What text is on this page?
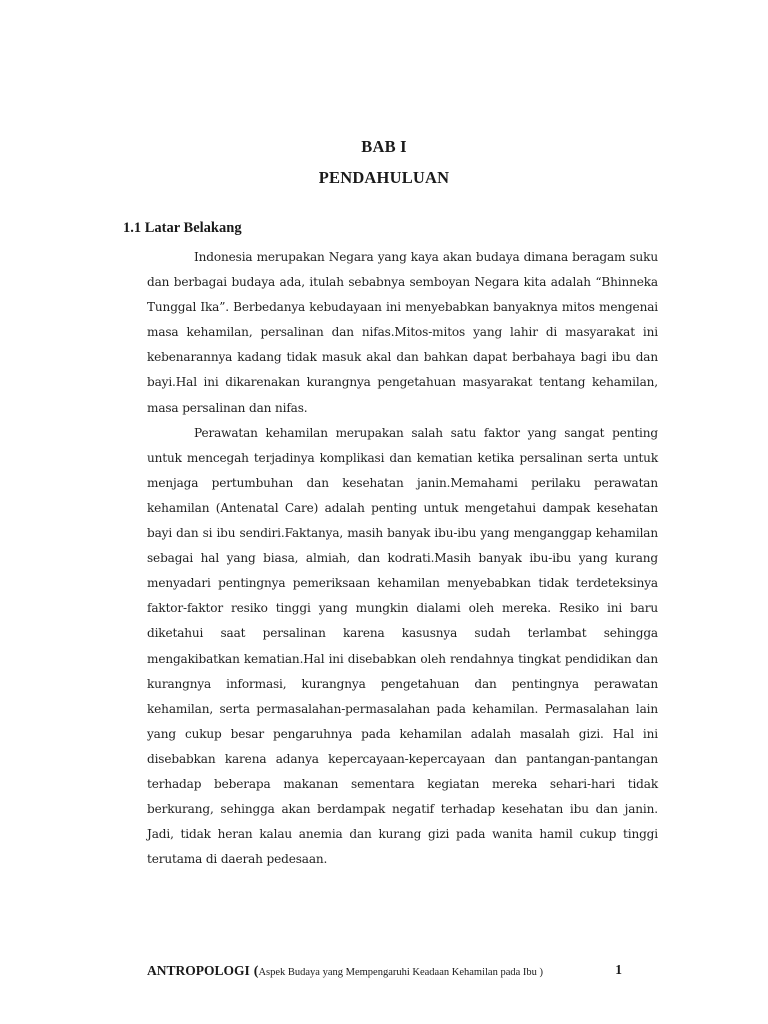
BAB I
PENDAHULUAN
1.1 Latar Belakang

Indonesia merupakan Negara yang kaya akan budaya dimana beragam suku dan berbagai budaya ada, itulah sebabnya semboyan Negara kita adalah “Bhinneka Tunggal Ika”. Berbedanya kebudayaan ini menyebabkan banyaknya mitos mengenai masa kehamilan, persalinan dan nifas.Mitos-mitos yang lahir di masyarakat ini kebenarannya kadang tidak masuk akal dan bahkan dapat berbahaya bagi ibu dan bayi.Hal ini dikarenakan kurangnya pengetahuan masyarakat tentang kehamilan, masa persalinan dan nifas.

Perawatan kehamilan merupakan salah satu faktor yang sangat penting untuk mencegah terjadinya komplikasi dan kematian ketika persalinan serta untuk menjaga pertumbuhan dan kesehatan janin.Memahami perilaku perawatan kehamilan (Antenatal Care) adalah penting untuk mengetahui dampak kesehatan bayi dan si ibu sendiri.Faktanya, masih banyak ibu-ibu yang menganggap kehamilan sebagai hal yang biasa, almiah, dan kodrati.Masih banyak ibu-ibu yang kurang menyadari pentingnya pemeriksaan kehamilan menyebabkan tidak terdeteksinya faktor-faktor resiko tinggi yang mungkin dialami oleh mereka. Resiko ini baru diketahui saat persalinan karena kasusnya sudah terlambat sehingga mengakibatkan kematian.Hal ini disebabkan oleh rendahnya tingkat pendidikan dan kurangnya informasi, kurangnya pengetahuan dan pentingnya perawatan kehamilan, serta permasalahan-permasalahan pada kehamilan. Permasalahan lain yang cukup besar pengaruhnya pada kehamilan adalah masalah gizi. Hal ini disebabkan karena adanya kepercayaan-kepercayaan dan pantangan-pantangan terhadap beberapa makanan sementara kegiatan mereka sehari-hari tidak berkurang, sehingga akan berdampak negatif terhadap kesehatan ibu dan janin. Jadi, tidak heran kalau anemia dan kurang gizi pada wanita hamil cukup tinggi terutama di daerah pedesaan.

ANTROPOLOGI (Aspek Budaya yang Mempengaruhi Keadaan Kehamilan pada Ibu )	1
